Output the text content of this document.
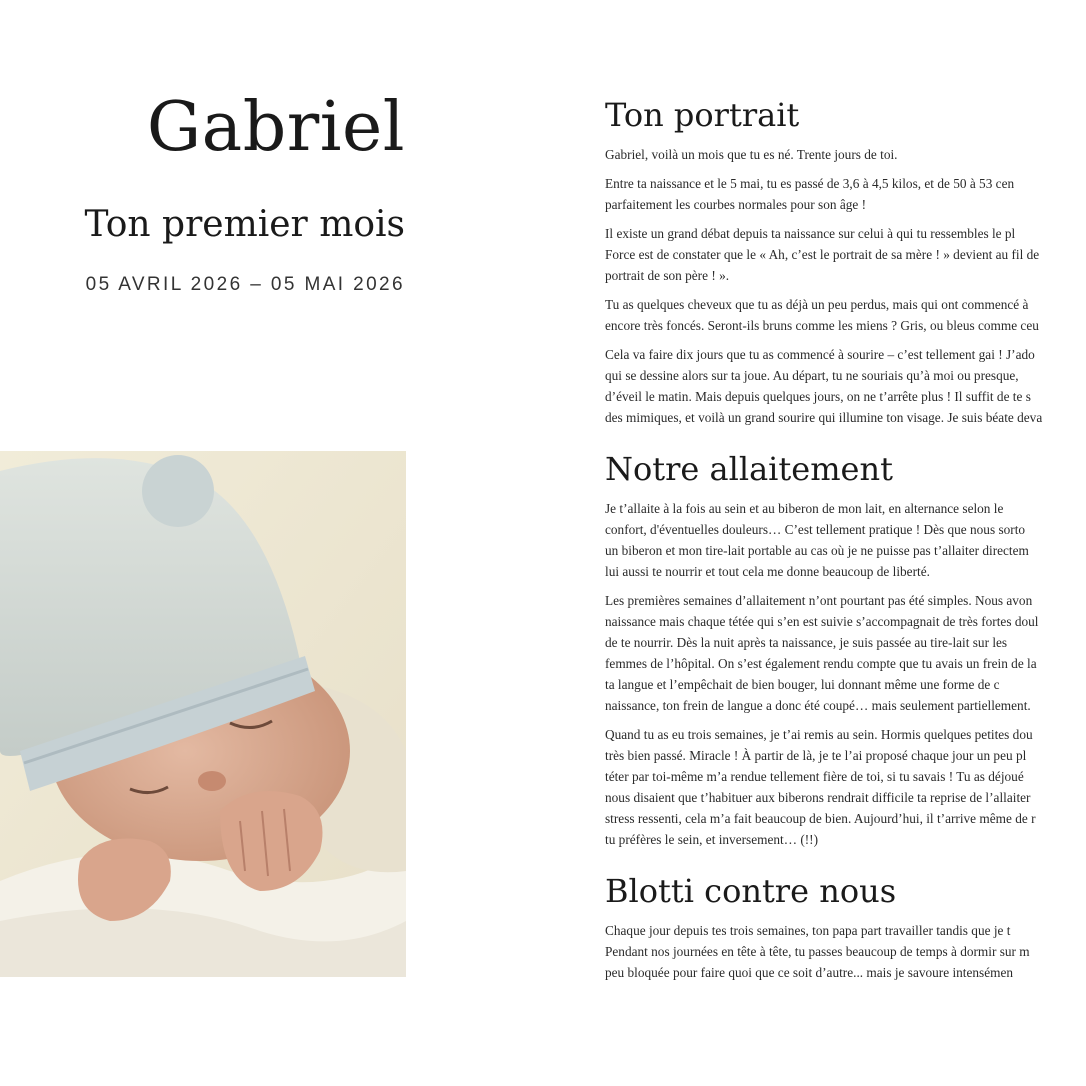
Gabriel
Ton premier mois

05 AVRIL 2026 – 05 MAI 2026

Ton portrait

Gabriel, voilà un mois que tu es né. Trente jours de toi.

Entre ta naissance et le 5 mai, tu es passé de 3,6 à 4,5 kilos, et de 50 à 53 cen
parfaitement les courbes normales pour son âge !

Il existe un grand débat depuis ta naissance sur celui à qui tu ressembles le pl
Force est de constater que le « Ah, c’est le portrait de sa mère ! » devient au fil de
portrait de son père ! ».

Tu as quelques cheveux que tu as déjà un peu perdus, mais qui ont commencé à
encore très foncés. Seront-ils bruns comme les miens ? Gris, ou bleus comme ceu

Cela va faire dix jours que tu as commencé à sourire – c’est tellement gai ! J’ado
qui se dessine alors sur ta joue. Au départ, tu ne souriais qu’à moi ou presque,
d’éveil le matin. Mais depuis quelques jours, on ne t’arrête plus ! Il suffit de te s
des mimiques, et voilà un grand sourire qui illumine ton visage. Je suis béate deva

Notre allaitement

Je t’allaite à la fois au sein et au biberon de mon lait, en alternance selon le
confort, d'éventuelles douleurs… C’est tellement pratique ! Dès que nous sorto
un biberon et mon tire-lait portable au cas où je ne puisse pas t’allaiter directem
lui aussi te nourrir et tout cela me donne beaucoup de liberté.

Les premières semaines d’allaitement n’ont pourtant pas été simples. Nous avon
naissance mais chaque tétée qui s’en est suivie s’accompagnait de très fortes doul
de te nourrir. Dès la nuit après ta naissance, je suis passée au tire-lait sur les
femmes de l’hôpital. On s’est également rendu compte que tu avais un frein de la
ta langue et l’empêchait de bien bouger, lui donnant même une forme de c
naissance, ton frein de langue a donc été coupé… mais seulement partiellement.

Quand tu as eu trois semaines, je t’ai remis au sein. Hormis quelques petites dou
très bien passé. Miracle ! À partir de là, je te l’ai proposé chaque jour un peu pl
téter par toi-même m’a rendue tellement fière de toi, si tu savais ! Tu as déjoué
nous disaient que t’habituer aux biberons rendrait difficile ta reprise de l’allaiter
stress ressenti, cela m’a fait beaucoup de bien. Aujourd’hui, il t’arrive même de r
tu préfères le sein, et inversement… (!!)

Blotti contre nous

Chaque jour depuis tes trois semaines, ton papa part travailler tandis que je t
Pendant nos journées en tête à tête, tu passes beaucoup de temps à dormir sur m
peu bloquée pour faire quoi que ce soit d’autre... mais je savoure intensémen
